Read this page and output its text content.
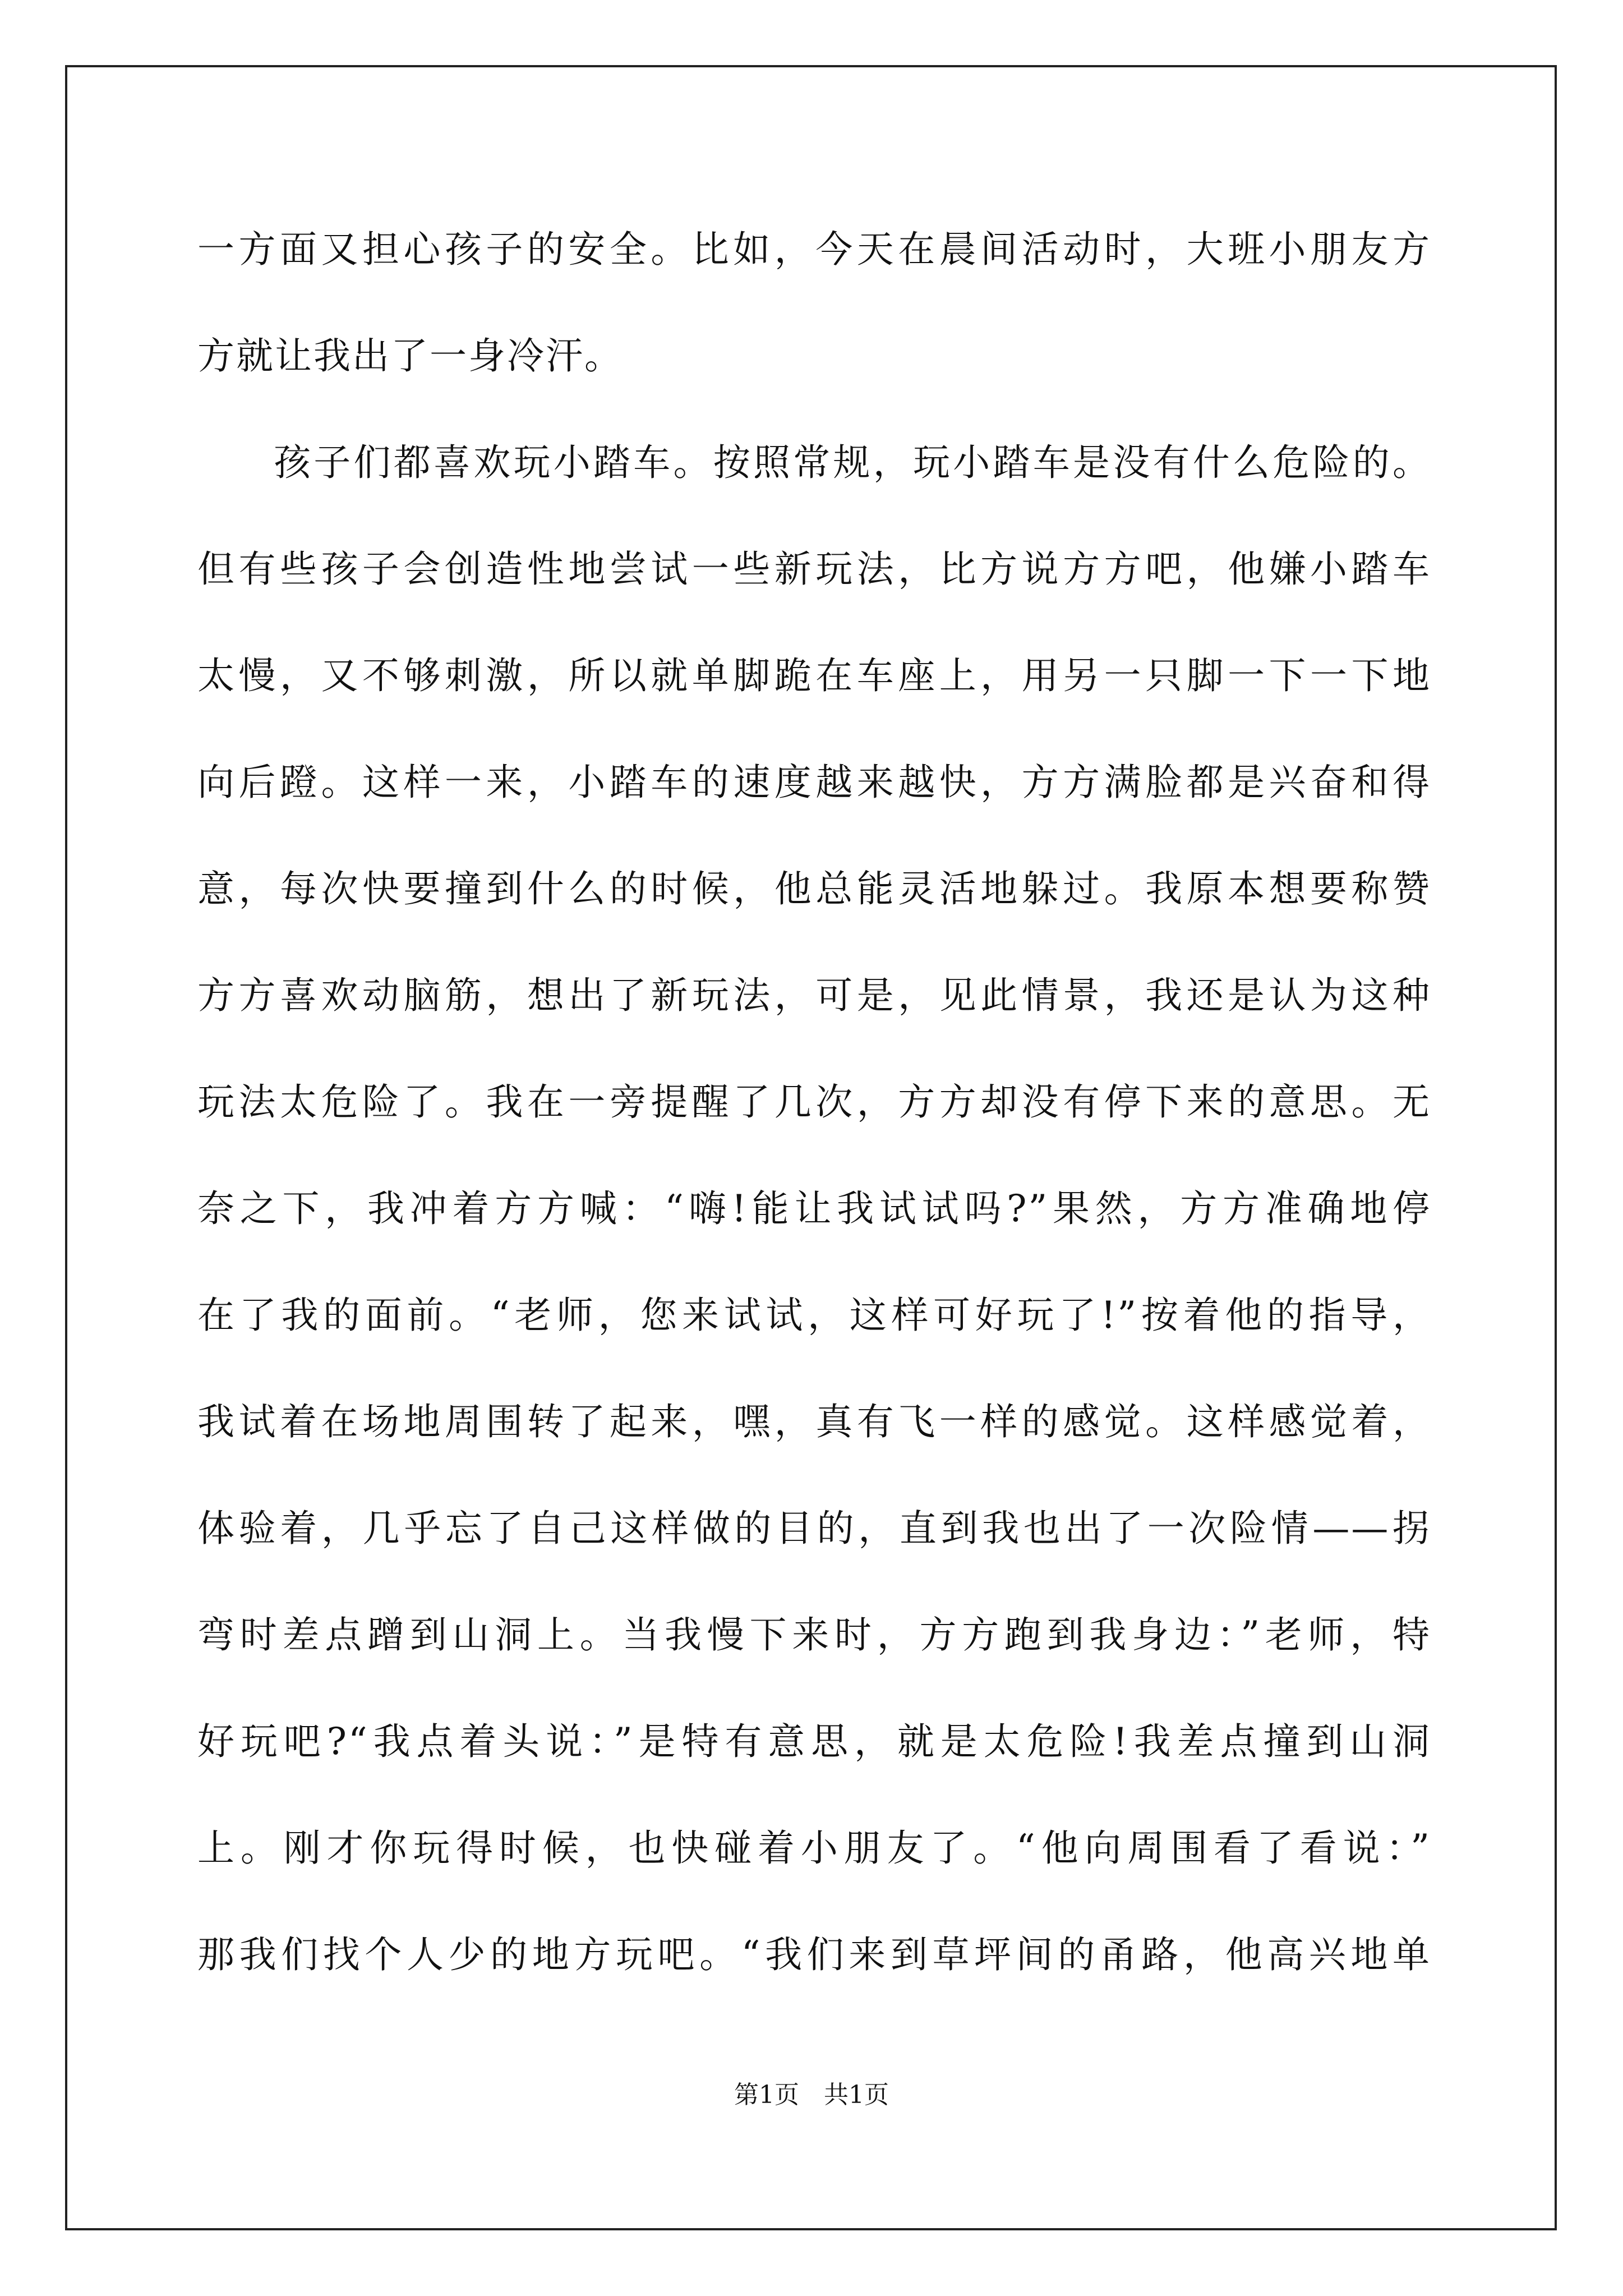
一方面又担心孩子的安全。比如，今天在晨间活动时，大班小朋友方
方就让我出了一身冷汗。
孩子们都喜欢玩小踏车。按照常规，玩小踏车是没有什么危险的。
但有些孩子会创造性地尝试一些新玩法，比方说方方吧，他嫌小踏车
太慢，又不够刺激，所以就单脚跪在车座上，用另一只脚一下一下地
向后蹬。这样一来，小踏车的速度越来越快，方方满脸都是兴奋和得
意，每次快要撞到什么的时候，他总能灵活地躲过。我原本想要称赞
方方喜欢动脑筋，想出了新玩法，可是，见此情景，我还是认为这种
玩法太危险了。我在一旁提醒了几次，方方却没有停下来的意思。无
奈之下，我冲着方方喊：“嗨!能让我试试吗?”果然，方方准确地停
在了我的面前。“老师，您来试试，这样可好玩了!”按着他的指导，
我试着在场地周围转了起来，嘿，真有飞一样的感觉。这样感觉着，
体验着，几乎忘了自己这样做的目的，直到我也出了一次险情——拐
弯时差点蹭到山洞上。当我慢下来时，方方跑到我身边：”老师，特
好玩吧?“我点着头说：”是特有意思，就是太危险!我差点撞到山洞
上。刚才你玩得时候，也快碰着小朋友了。“他向周围看了看说：”
那我们找个人少的地方玩吧。“我们来到草坪间的甬路，他高兴地单
第1页　共1页
